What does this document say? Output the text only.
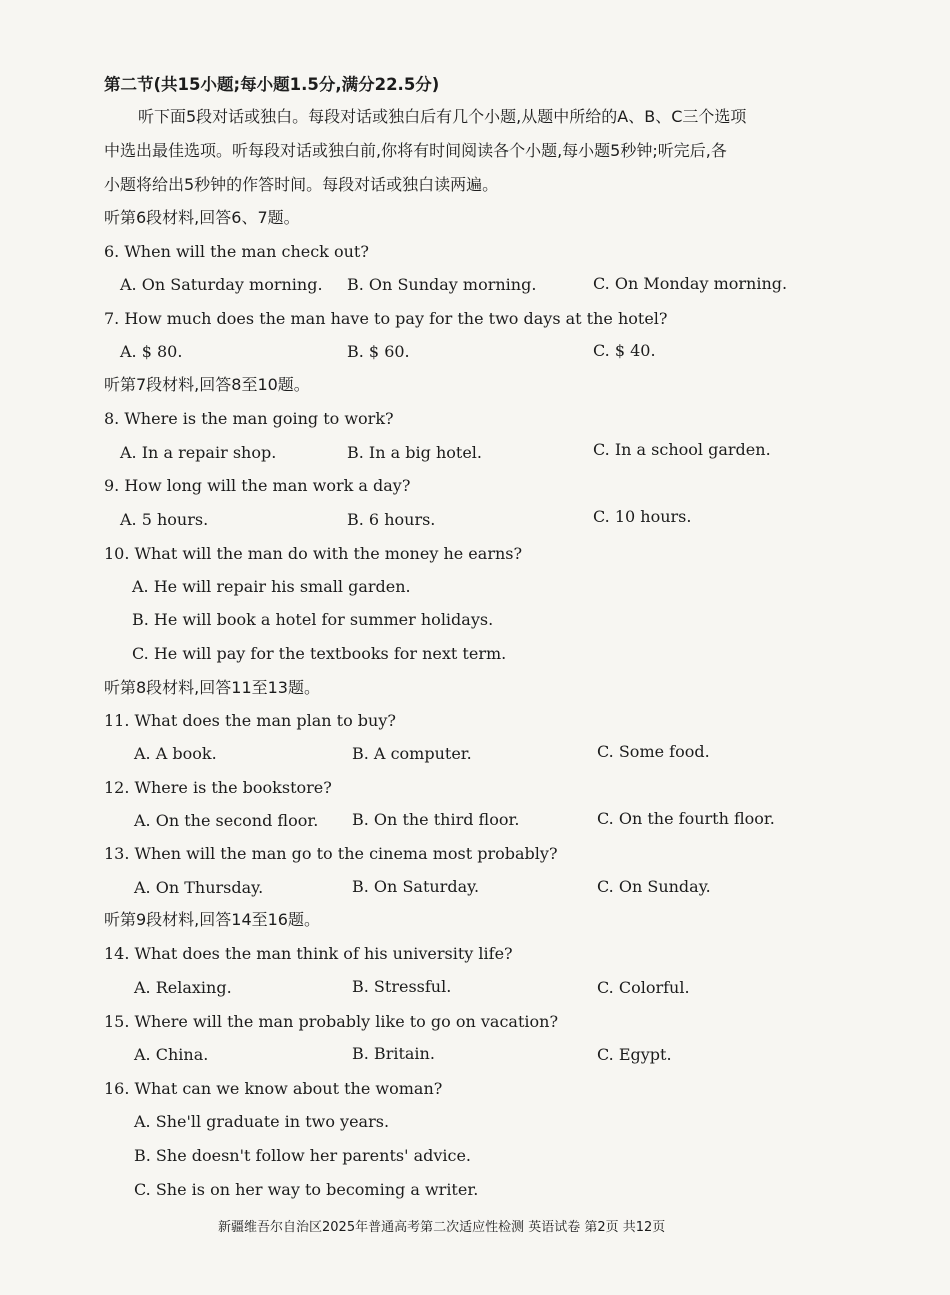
第二节(共15小题;每小题1.5分,满分22.5分)
听下面5段对话或独白。每段对话或独白后有几个小题,从题中所给的A、B、C三个选项
中选出最佳选项。听每段对话或独白前,你将有时间阅读各个小题,每小题5秒钟;听完后,各
小题将给出5秒钟的作答时间。每段对话或独白读两遍。
听第6段材料,回答6、7题。
6. When will the man check out?
A. On Saturday morning. B. On Sunday morning.	C. On Monday morning.
7. How much does the man have to pay for the two days at the hotel?
A. $ 80.	B. $ 60.	C. $ 40.
听第7段材料,回答8至10题。
8. Where is the man going to work?
A. In a repair shop.	B. In a big hotel.	C. In a school garden.
9. How long will the man work a day?
A. 5 hours.	B. 6 hours.	C. 10 hours.
10. What will the man do with the money he earns?
A. He will repair his small garden.
B. He will book a hotel for summer holidays.
C. He will pay for the textbooks for next term.
听第8段材料,回答11至13题。
11. What does the man plan to buy?
A. A book.	B. A computer.	C. Some food.
12. Where is the bookstore?
A. On the second floor. B. On the third floor.	C. On the fourth floor.
13. When will the man go to the cinema most probably?
A. On Thursday.	B. On Saturday.	C. On Sunday.
听第9段材料,回答14至16题。
14. What does the man think of his university life?
A. Relaxing.	B. Stressful.	C. Colorful.
15. Where will the man probably like to go on vacation?
A. China.	B. Britain.	C. Egypt.
16. What can we know about the woman?
A. She'll graduate in two years.
B. She doesn't follow her parents' advice.
C. She is on her way to becoming a writer.
新疆维吾尔自治区2025年普通高考第二次适应性检测 英语试卷 第2页 共12页
